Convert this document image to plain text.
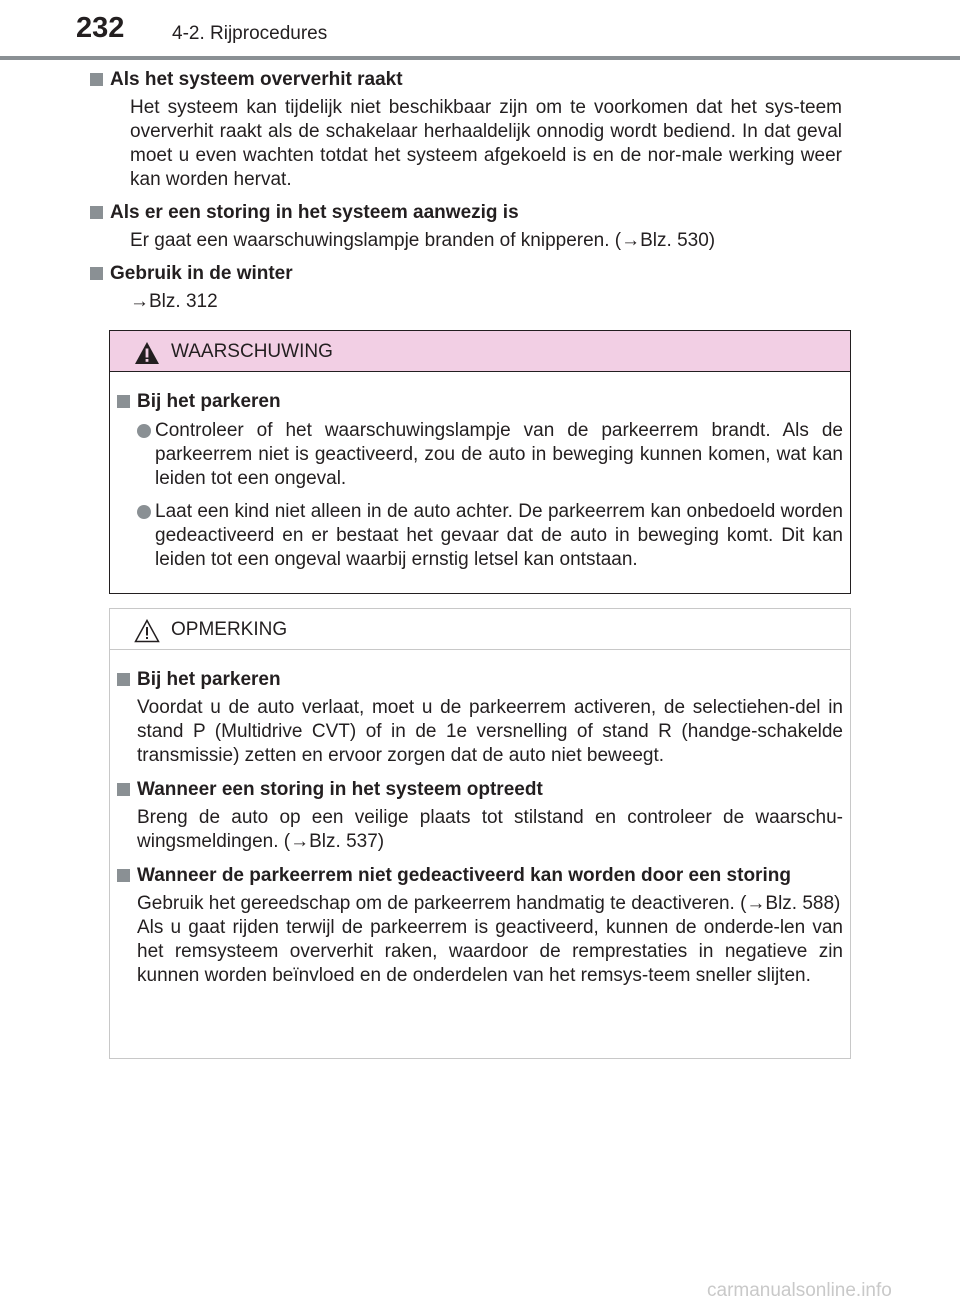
232	4-2. Rijprocedures
Als het systeem oververhit raakt

Het systeem kan tijdelijk niet beschikbaar zijn om te voorkomen dat het sys-teem oververhit raakt als de schakelaar herhaaldelijk onnodig wordt bediend. In dat geval moet u even wachten totdat het systeem afgekoeld is en de nor-male werking weer kan worden hervat.

Als er een storing in het systeem aanwezig is

Er gaat een waarschuwingslampje branden of knipperen. (→Blz. 530)

Gebruik in de winter

→Blz. 312

WAARSCHUWING
Bij het parkeren
Controleer of het waarschuwingslampje van de parkeerrem brandt. Als de parkeerrem niet is geactiveerd, zou de auto in beweging kunnen komen, wat kan leiden tot een ongeval.
Laat een kind niet alleen in de auto achter. De parkeerrem kan onbedoeld worden gedeactiveerd en er bestaat het gevaar dat de auto in beweging komt. Dit kan leiden tot een ongeval waarbij ernstig letsel kan ontstaan.
OPMERKING
Bij het parkeren
Voordat u de auto verlaat, moet u de parkeerrem activeren, de selectiehen-del in stand P (Multidrive CVT) of in de 1e versnelling of stand R (handge-schakelde transmissie) zetten en ervoor zorgen dat de auto niet beweegt.
Wanneer een storing in het systeem optreedt
Breng de auto op een veilige plaats tot stilstand en controleer de waarschu-wingsmeldingen. (→Blz. 537)
Wanneer de parkeerrem niet gedeactiveerd kan worden door een storing
Gebruik het gereedschap om de parkeerrem handmatig te deactiveren. (→Blz. 588)
Als u gaat rijden terwijl de parkeerrem is geactiveerd, kunnen de onderde-len van het remsysteem oververhit raken, waardoor de remprestaties in negatieve zin kunnen worden beïnvloed en de onderdelen van het remsys-teem sneller slijten.
carmanualsonline.info
